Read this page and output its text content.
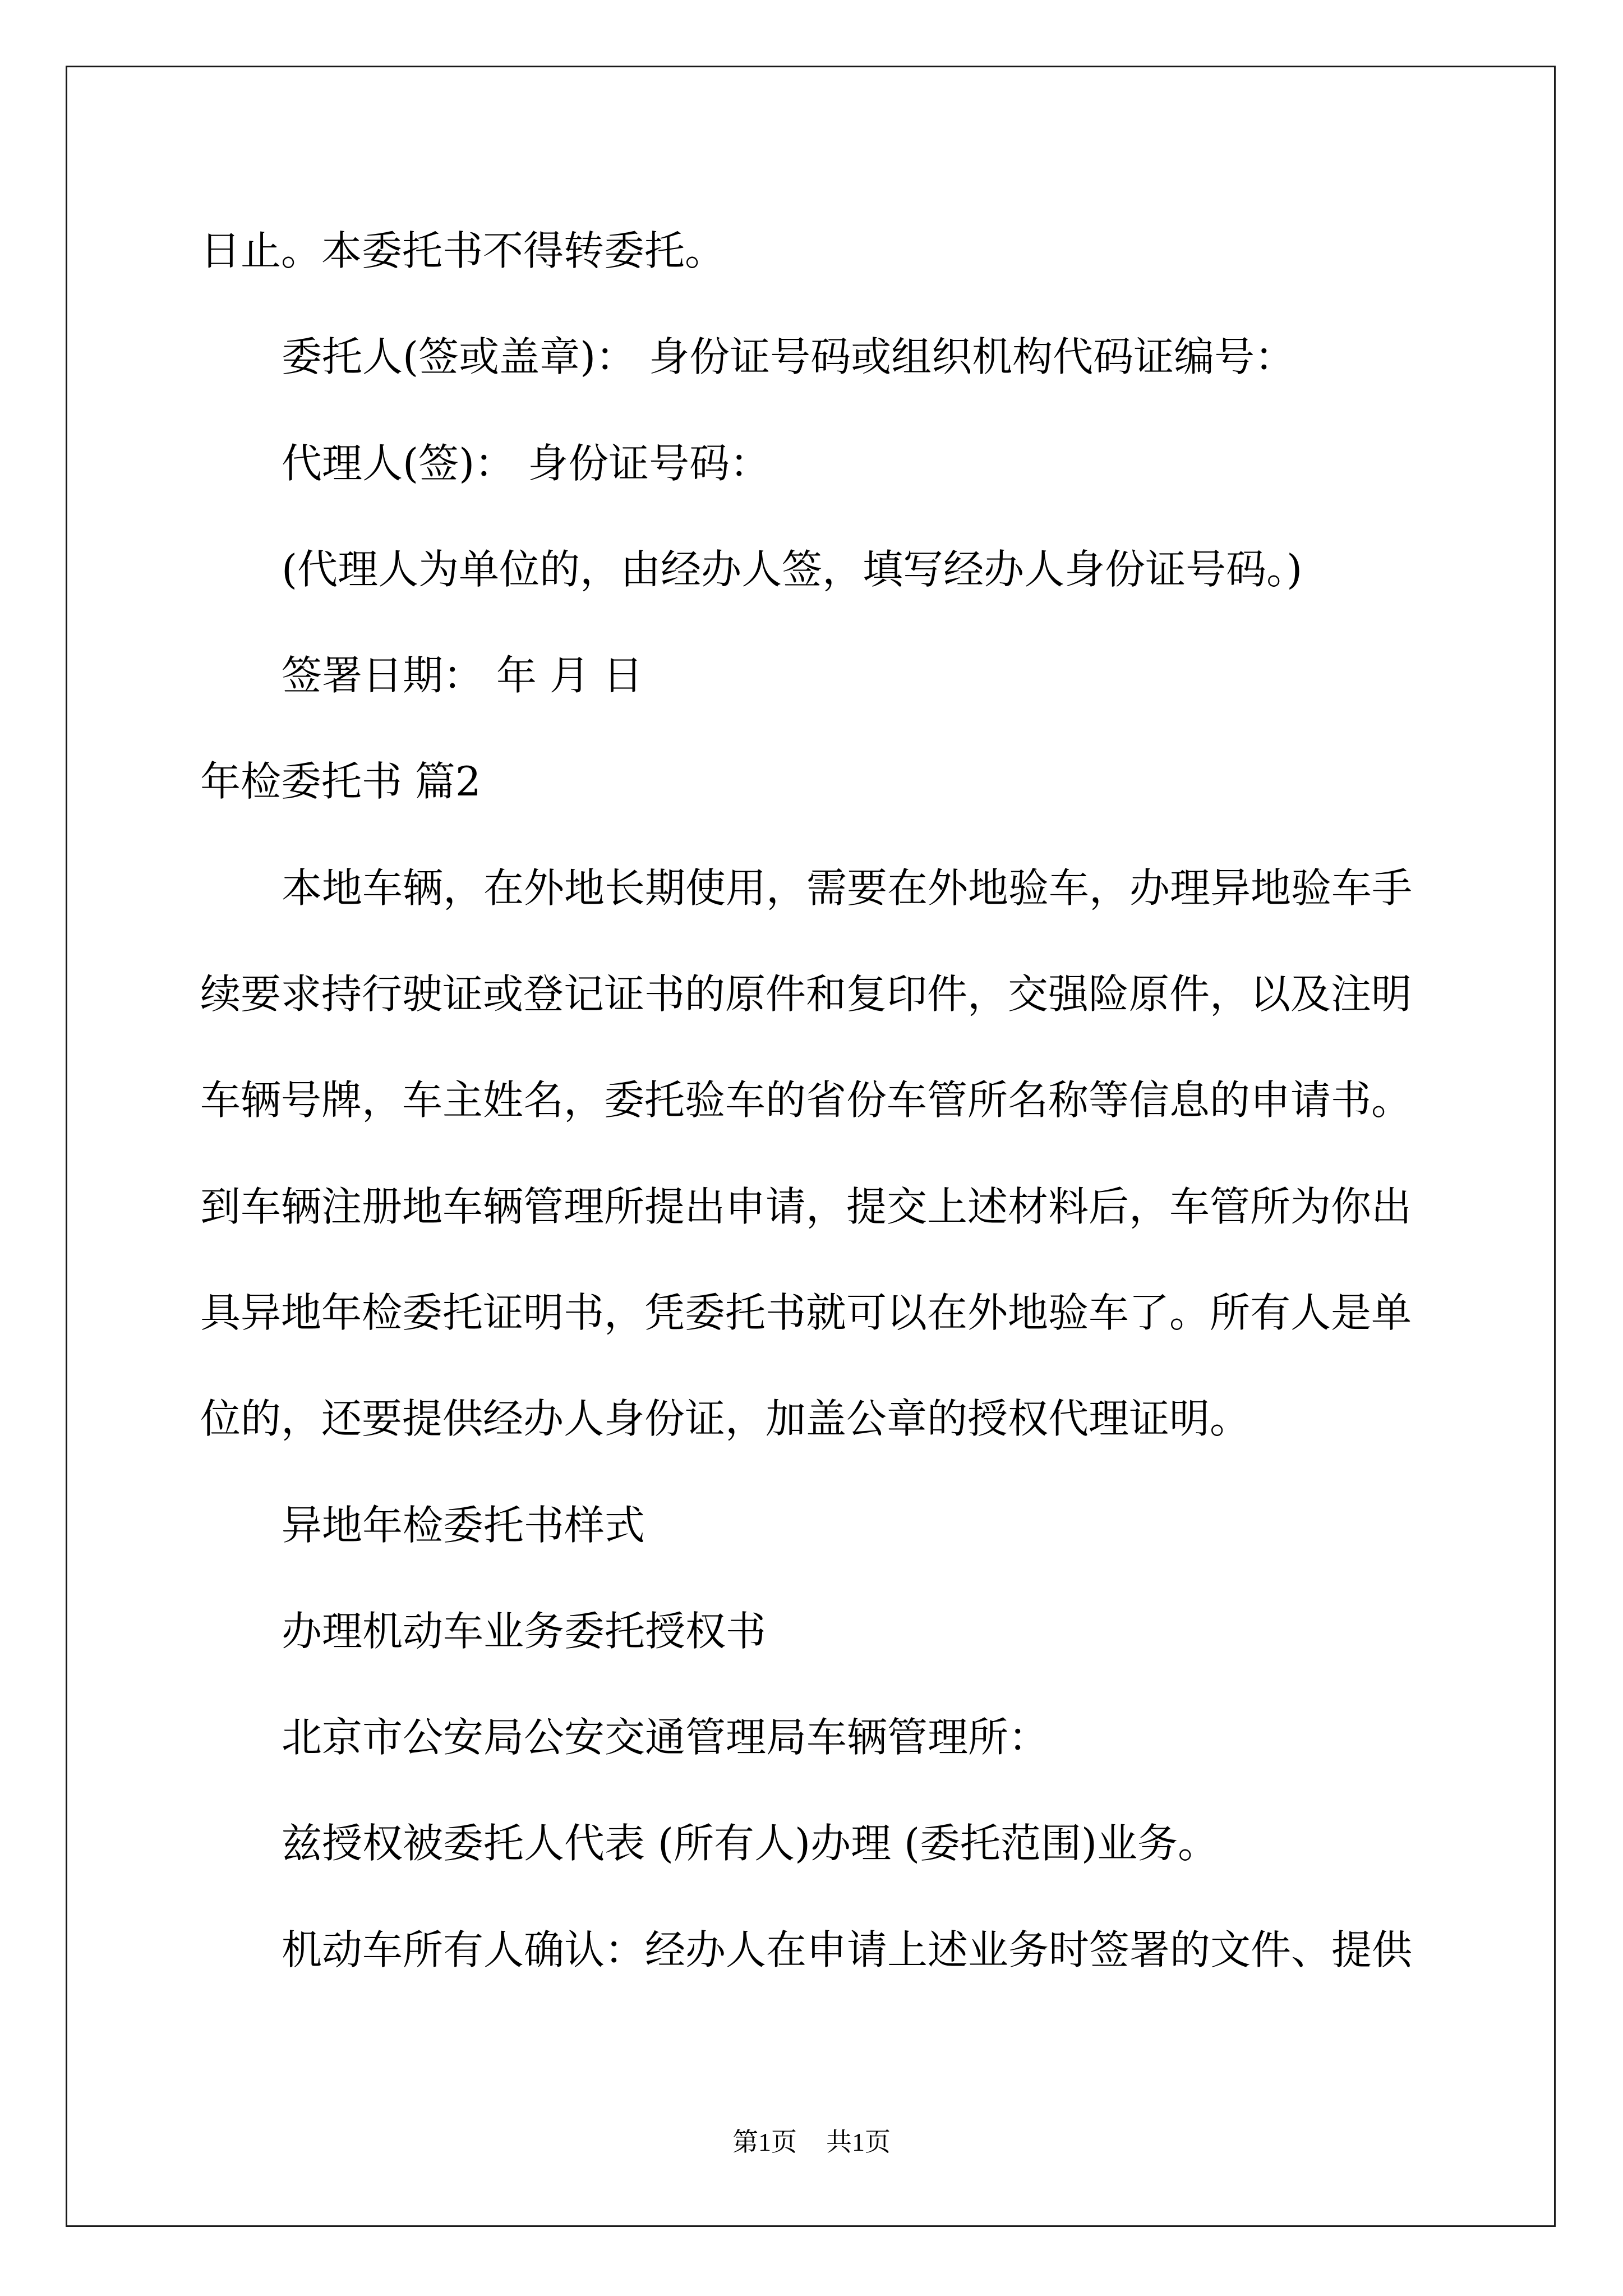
日止。本委托书不得转委托。
委托人(签或盖章)： 身份证号码或组织机构代码证编号：
代理人(签)： 身份证号码：
(代理人为单位的，由经办人签，填写经办人身份证号码。)
签署日期： 年 月 日
年检委托书 篇2
本地车辆，在外地长期使用，需要在外地验车，办理异地验车手
续要求持行驶证或登记证书的原件和复印件，交强险原件，以及注明
车辆号牌，车主姓名，委托验车的省份车管所名称等信息的申请书。
到车辆注册地车辆管理所提出申请，提交上述材料后，车管所为你出
具异地年检委托证明书，凭委托书就可以在外地验车了。所有人是单
位的，还要提供经办人身份证，加盖公章的授权代理证明。
异地年检委托书样式
办理机动车业务委托授权书
北京市公安局公安交通管理局车辆管理所：
兹授权被委托人代表 (所有人)办理 (委托范围)业务。
机动车所有人确认：经办人在申请上述业务时签署的文件、提供
第1页 共1页
